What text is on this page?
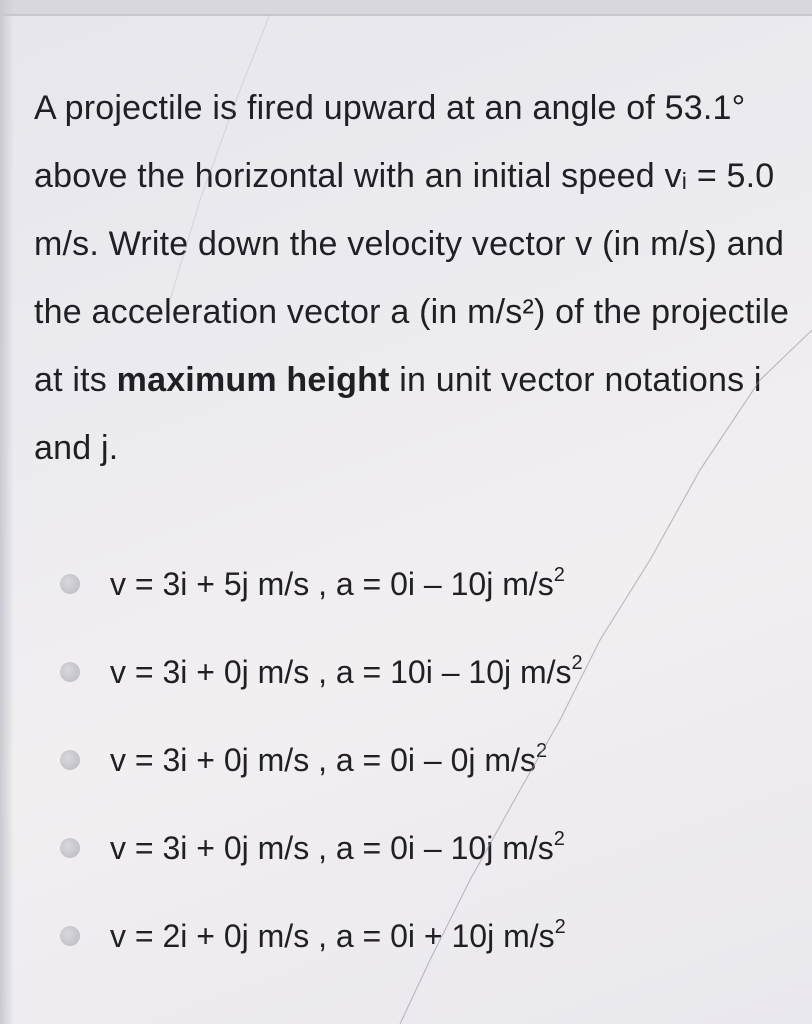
A projectile is fired upward at an angle of 53.1° above the horizontal with an initial speed vᵢ = 5.0 m/s. Write down the velocity vector v (in m/s) and the acceleration vector a (in m/s²) of the projectile at its maximum height in unit vector notations i and j.

v = 3i + 5j m/s , a = 0i – 10j $m/s^2$
v = 3i + 0j m/s , a = 10i – 10j $m/s^2$
v = 3i + 0j m/s , a = 0i – 0j $m/s^2$
v = 3i + 0j m/s , a = 0i – 10j $m/s^2$
v = 2i + 0j m/s , a = 0i + 10j $m/s^2$
